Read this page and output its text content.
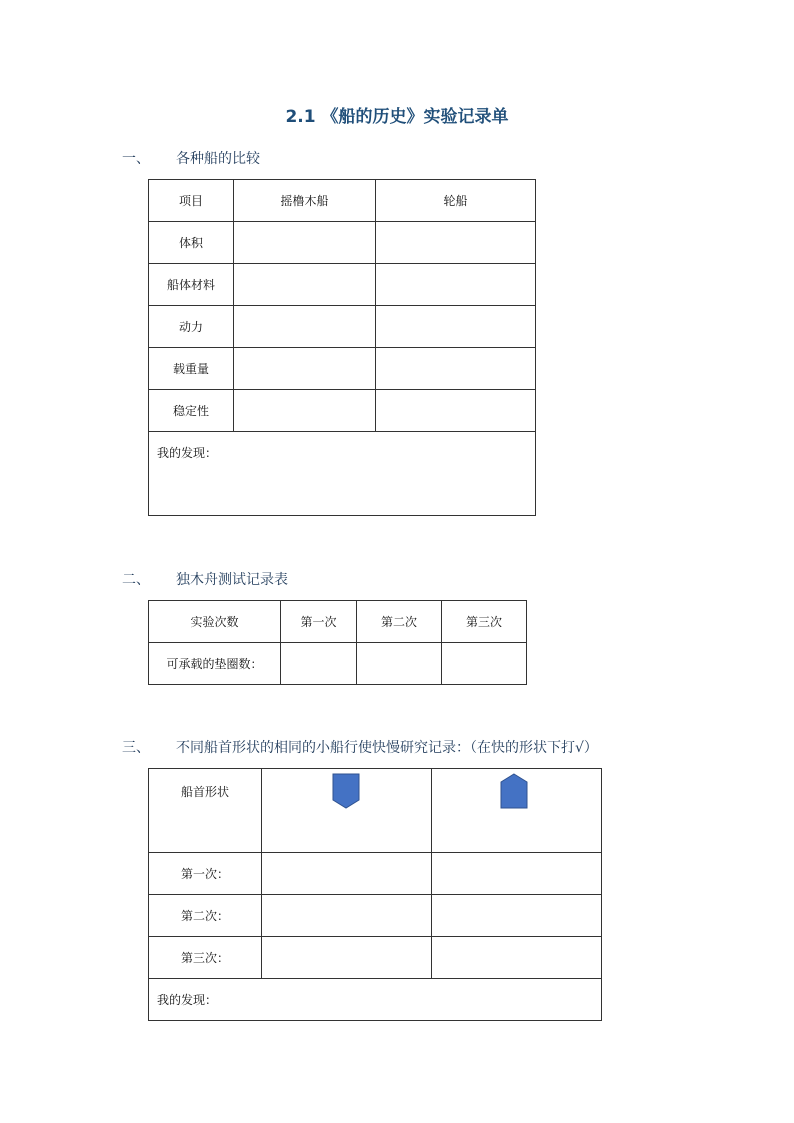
2.1 《船的历史》实验记录单
一、 各种船的比较
项目	摇橹木船	轮船
体积		
船体材料		
动力		
载重量		
稳定性		
我的发现：		
二、 独木舟测试记录表
实验次数	第一次	第二次	第三次
可承载的垫圈数：			
三、 不同船首形状的相同的小船行使快慢研究记录：（在快的形状下打√）
船首形状	

第一次：		
第二次：		
第三次：		
我的发现：		
